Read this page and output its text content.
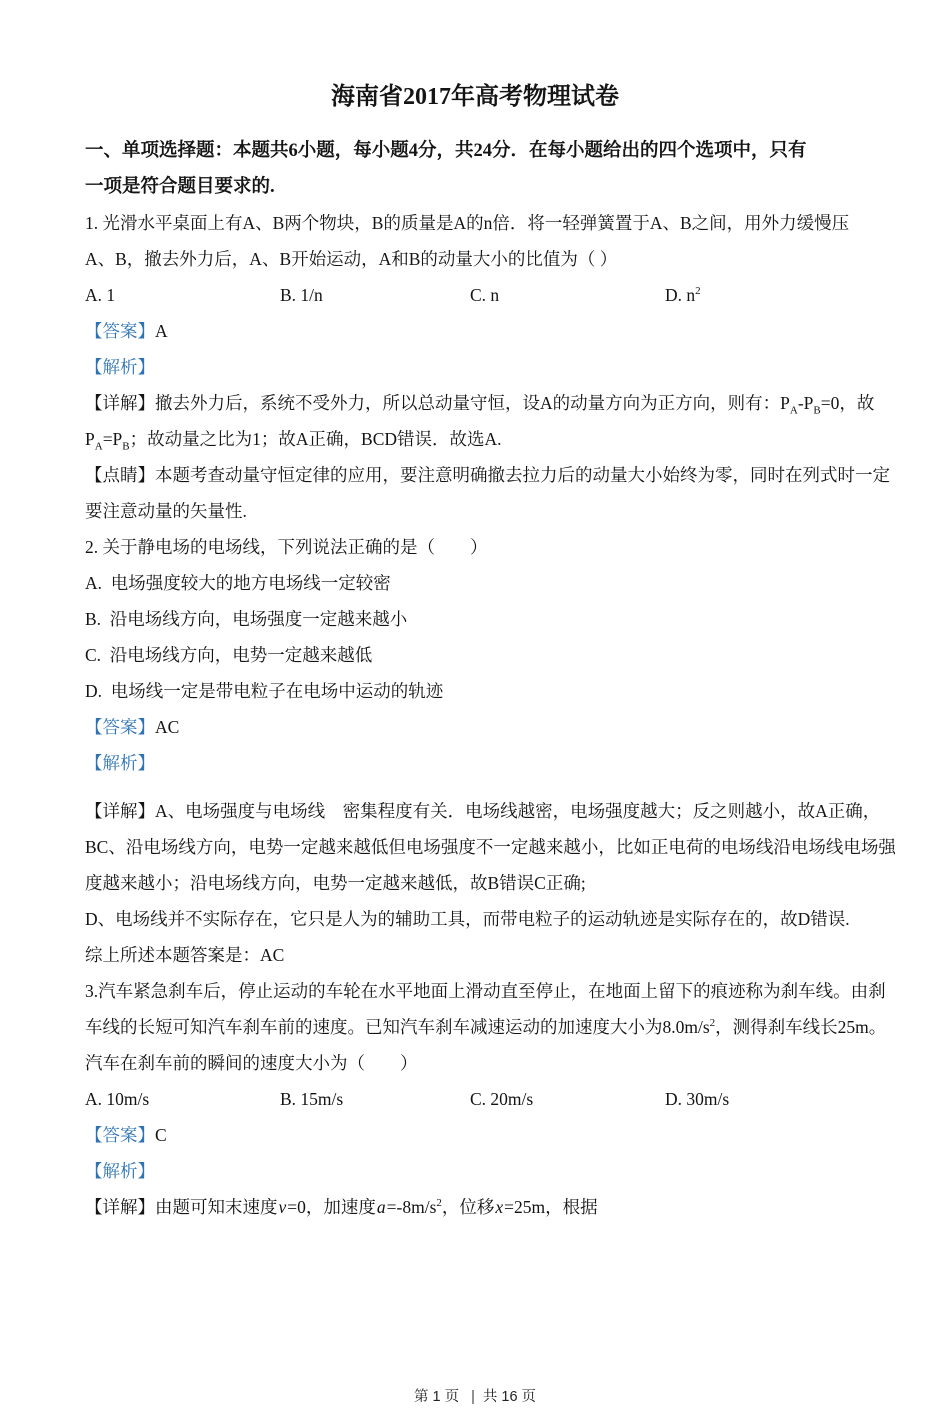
海南省2017年高考物理试卷
一、单项选择题：本题共6小题，每小题4分，共24分．在每小题给出的四个选项中，只有
一项是符合题目要求的.
1. 光滑水平桌面上有A、B两个物块，B的质量是A的n倍．将一轻弹簧置于A、B之间，用外力缓慢压
A、B，撤去外力后，A、B开始运动，A和B的动量大小的比值为（ ）
A. 1	B. 1/n	C. n	D. $n^2$
【答案】A
【解析】
【详解】撤去外力后，系统不受外力，所以总动量守恒，设A的动量方向为正方向，则有：$P_A-P_B=0$，故
$P_A=P_B$；故动量之比为1；故A正确，BCD错误．故选A.
【点睛】本题考查动量守恒定律的应用，要注意明确撤去拉力后的动量大小始终为零，同时在列式时一定
要注意动量的矢量性.
2. 关于静电场的电场线，下列说法正确的是（　　）
A.  电场强度较大的地方电场线一定较密
B.  沿电场线方向，电场强度一定越来越小
C.  沿电场线方向，电势一定越来越低
D.  电场线一定是带电粒子在电场中运动的轨迹
【答案】AC
【解析】
【详解】A、电场强度与电场线　密集程度有关．电场线越密，电场强度越大；反之则越小，故A正确，
BC、沿电场线方向，电势一定越来越低但电场强度不一定越来越小，比如正电荷的电场线沿电场线电场强
度越来越小；沿电场线方向，电势一定越来越低，故B错误C正确;
D、电场线并不实际存在，它只是人为的辅助工具，而带电粒子的运动轨迹是实际存在的，故D错误.
综上所述本题答案是：AC
3.汽车紧急刹车后，停止运动的车轮在水平地面上滑动直至停止，在地面上留下的痕迹称为刹车线。由刹
车线的长短可知汽车刹车前的速度。已知汽车刹车减速运动的加速度大小为$8.0m/s^2$，测得刹车线长25m。
汽车在刹车前的瞬间的速度大小为（　　）
A. 10m/s	B. 15m/s	C. 20m/s	D. 30m/s
【答案】C
【解析】
【详解】由题可知末速度v=0，加速度$a=-8m/s^2$，位移x=25m，根据
第 1 页 | 共 16 页
